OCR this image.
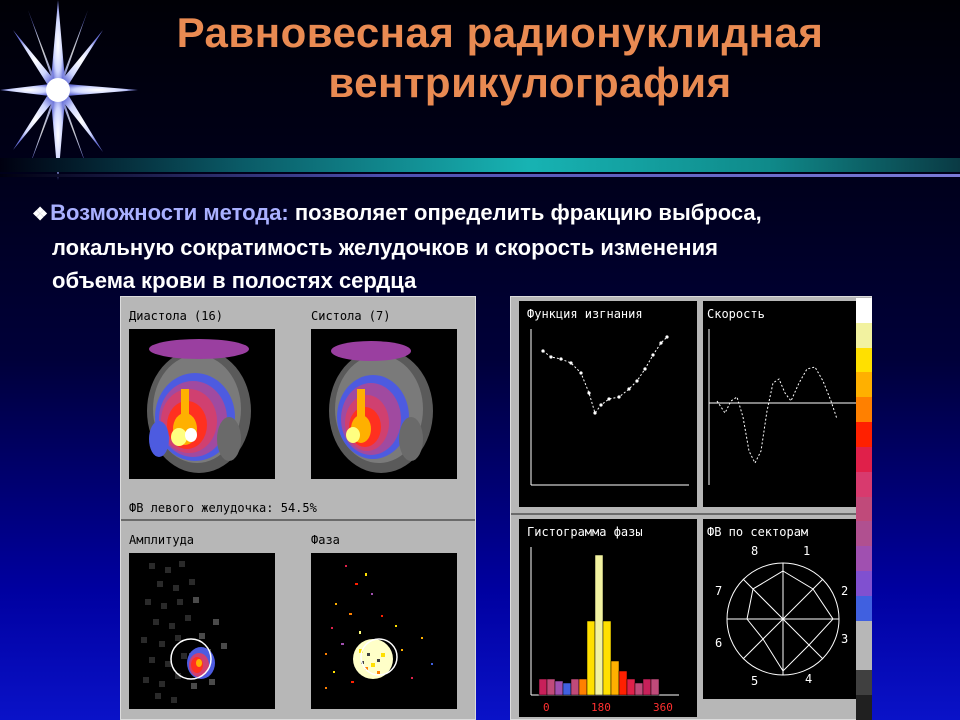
Равновесная радионуклидная
вентрикулография
❖Возможности метода: позволяет определить фракцию выброса,
локальную сократимость желудочков и скорость изменения
объема крови в полостях сердца
Диастола (16)	Систола (7)
ФВ левого желудочка: 54.5%
Амплитуда	Фаза
Функция изгнания	Скорость
Гистограмма фазы
0	180	360
ФВ по секторам
8	1
7	2
6	3
5	4
